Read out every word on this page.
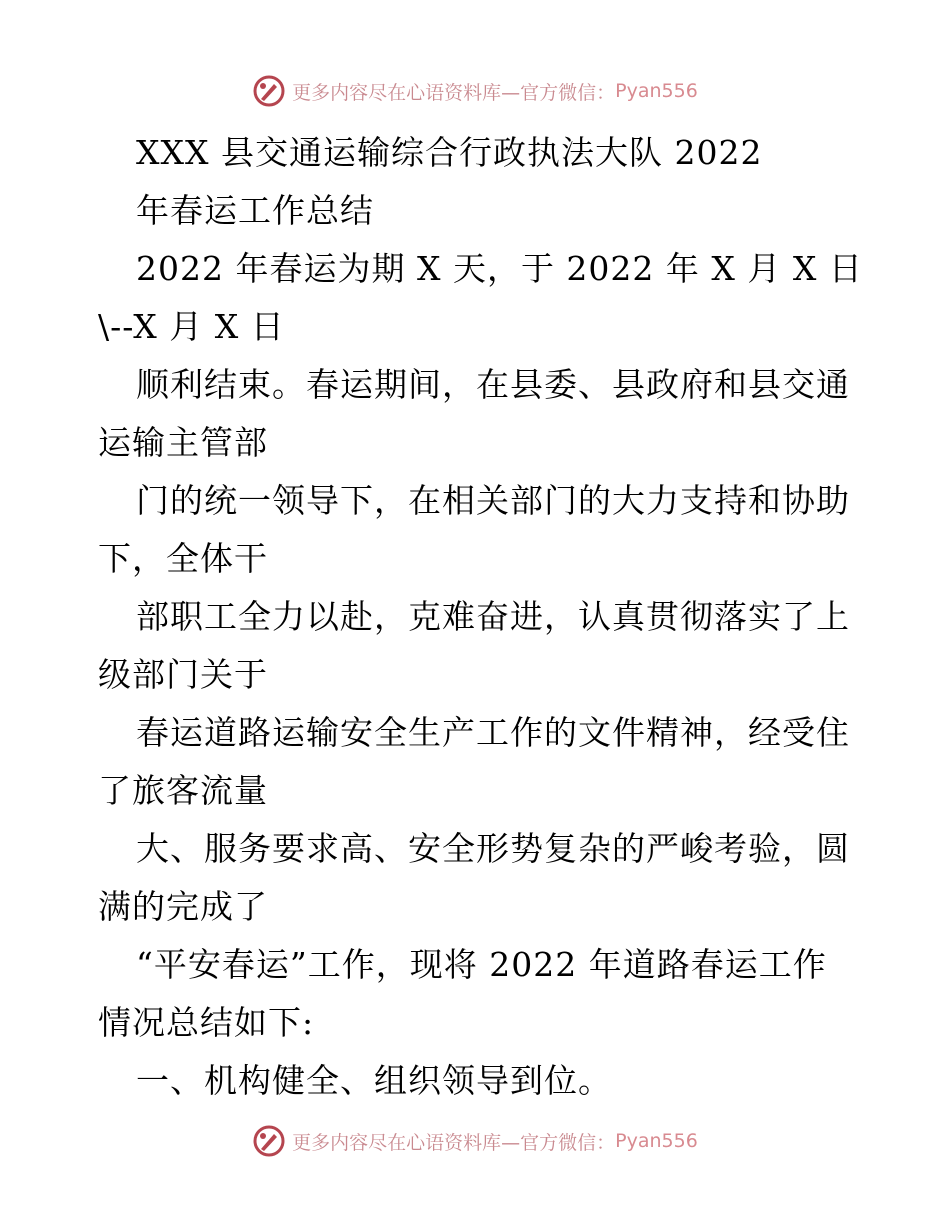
更多内容尽在心语资料库—官方微信： Pyan556
XXX 县交通运输综合行政执法大队 2022
年春运工作总结
2022 年春运为期 X 天，于 2022 年 X 月 X 日
\--X 月 X 日
顺利结束。春运期间，在县委、县政府和县交通
运输主管部
门的统一领导下，在相关部门的大力支持和协助
下，全体干
部职工全力以赴，克难奋进，认真贯彻落实了上
级部门关于
春运道路运输安全生产工作的文件精神，经受住
了旅客流量
大、服务要求高、安全形势复杂的严峻考验，圆
满的完成了
“平安春运”工作，现将 2022 年道路春运工作
情况总结如下:
一、机构健全、组织领导到位。
更多内容尽在心语资料库—官方微信： Pyan556
